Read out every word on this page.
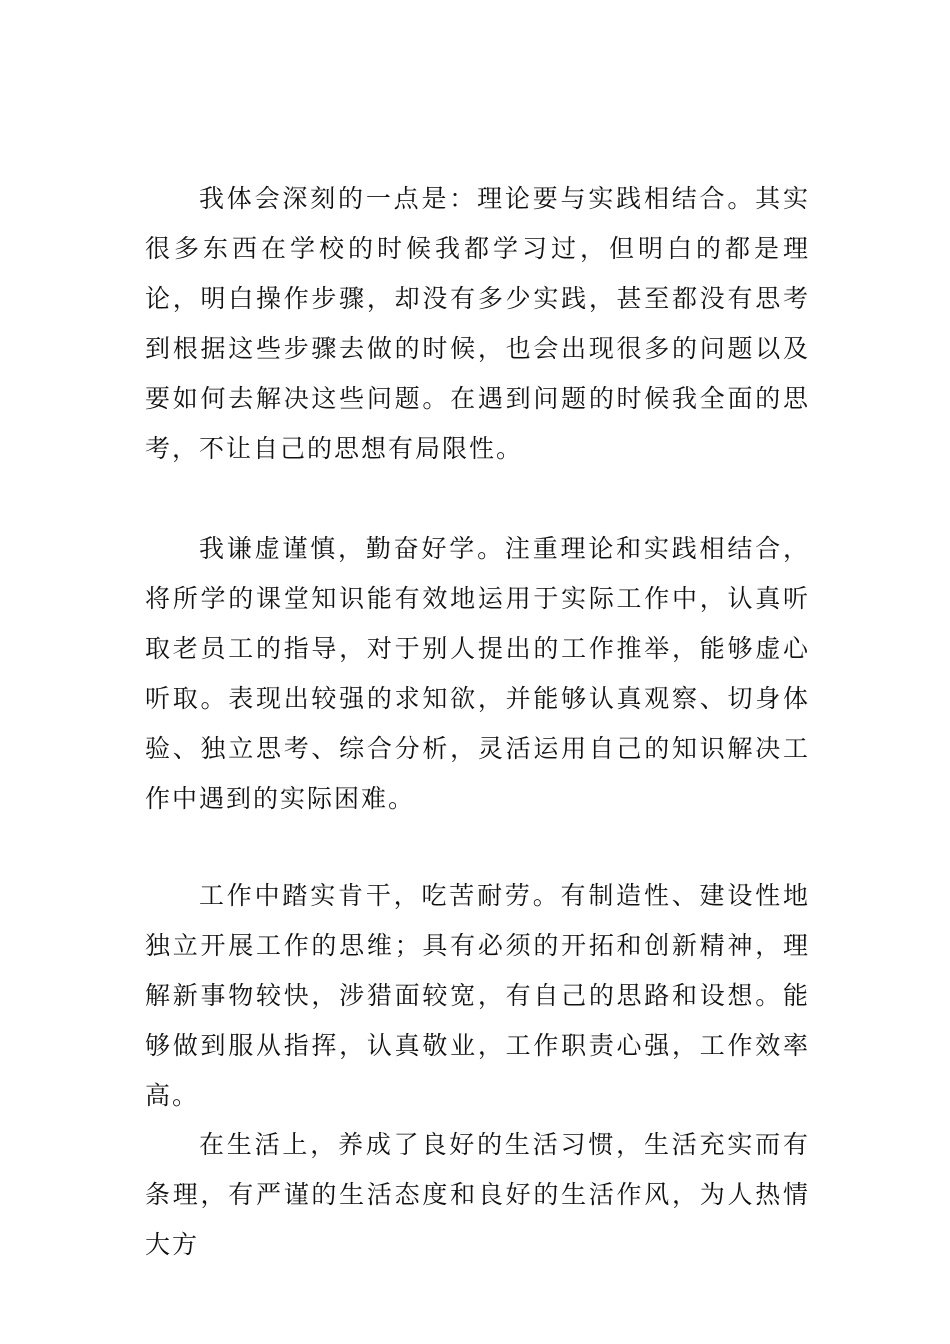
我体会深刻的一点是：理论要与实践相结合。其实很多东西在学校的时候我都学习过，但明白的都是理论，明白操作步骤，却没有多少实践，甚至都没有思考到根据这些步骤去做的时候，也会出现很多的问题以及要如何去解决这些问题。在遇到问题的时候我全面的思考，不让自己的思想有局限性。

我谦虚谨慎，勤奋好学。注重理论和实践相结合，将所学的课堂知识能有效地运用于实际工作中，认真听取老员工的指导，对于别人提出的工作推举，能够虚心听取。表现出较强的求知欲，并能够认真观察、切身体验、独立思考、综合分析，灵活运用自己的知识解决工作中遇到的实际困难。

工作中踏实肯干，吃苦耐劳。有制造性、建设性地独立开展工作的思维；具有必须的开拓和创新精神，理解新事物较快，涉猎面较宽，有自己的思路和设想。能够做到服从指挥，认真敬业，工作职责心强，工作效率高。

在生活上，养成了良好的生活习惯，生活充实而有条理，有严谨的生活态度和良好的生活作风，为人热情大方
